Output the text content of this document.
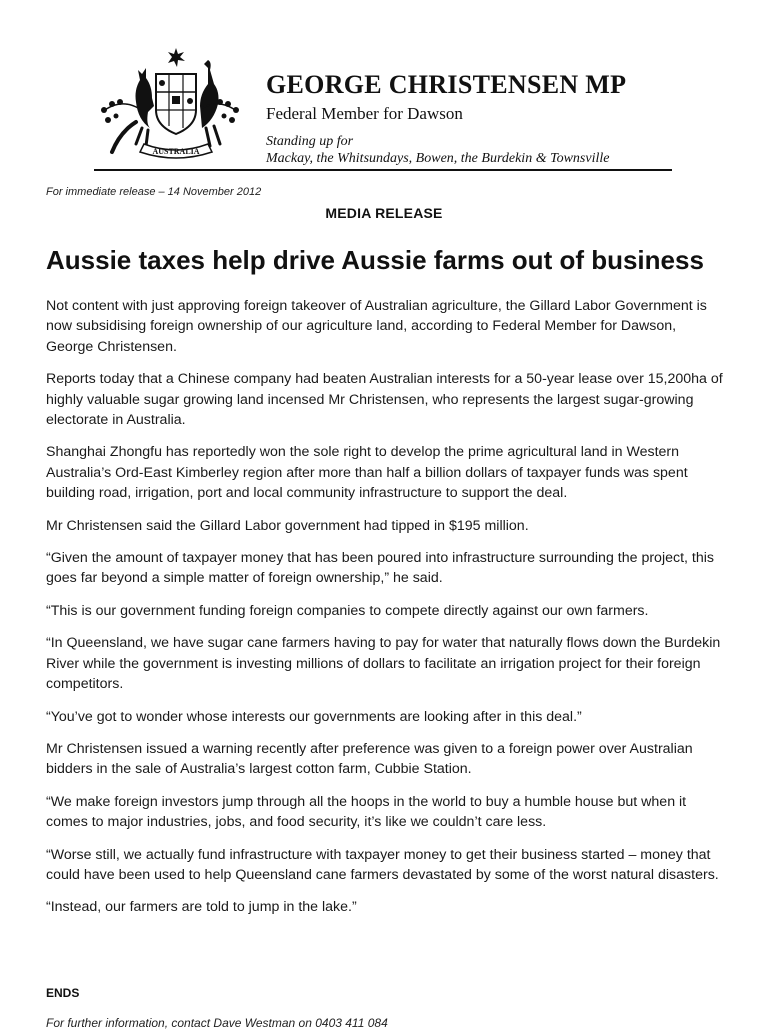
AUSTRALIA
GEORGE CHRISTENSEN MP
Federal Member for Dawson
Standing up for
Mackay, the Whitsundays, Bowen, the Burdekin & Townsville
For immediate release – 14 November 2012
MEDIA RELEASE
Aussie taxes help drive Aussie farms out of business

Not content with just approving foreign takeover of Australian agriculture, the Gillard Labor Government is now subsidising foreign ownership of our agriculture land, according to Federal Member for Dawson, George Christensen.

Reports today that a Chinese company had beaten Australian interests for a 50-year lease over 15,200ha of highly valuable sugar growing land incensed Mr Christensen, who represents the largest sugar-growing electorate in Australia.

Shanghai Zhongfu has reportedly won the sole right to develop the prime agricultural land in Western Australia’s Ord-East Kimberley region after more than half a billion dollars of taxpayer funds was spent building road, irrigation, port and local community infrastructure to support the deal.

Mr Christensen said the Gillard Labor government had tipped in $195 million.

“Given the amount of taxpayer money that has been poured into infrastructure surrounding the project, this goes far beyond a simple matter of foreign ownership,” he said.

“This is our government funding foreign companies to compete directly against our own farmers.

“In Queensland, we have sugar cane farmers having to pay for water that naturally flows down the Burdekin River while the government is investing millions of dollars to facilitate an irrigation project for their foreign competitors.

“You’ve got to wonder whose interests our governments are looking after in this deal.”

Mr Christensen issued a warning recently after preference was given to a foreign power over Australian bidders in the sale of Australia’s largest cotton farm, Cubbie Station.

“We make foreign investors jump through all the hoops in the world to buy a humble house but when it comes to major industries, jobs, and food security, it’s like we couldn’t care less.

“Worse still, we actually fund infrastructure with taxpayer money to get their business started – money that could have been used to help Queensland cane farmers devastated by some of the worst natural disasters.

“Instead, our farmers are told to jump in the lake.”

ENDS
For further information, contact Dave Westman on 0403 411 084
